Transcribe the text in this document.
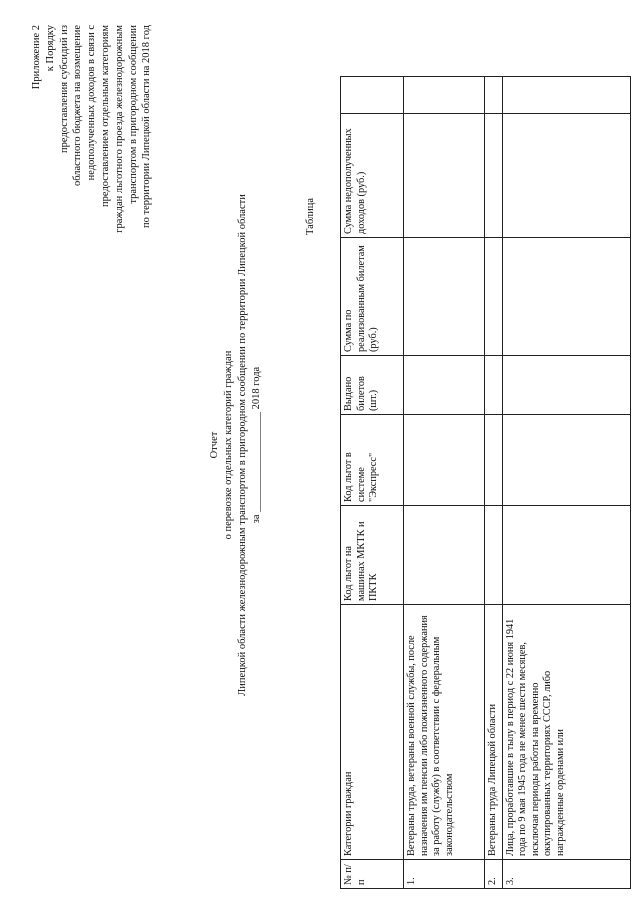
Приложение 2 к Порядку предоставления субсидий из областного бюджета на возмещение недополученных доходов в связи с предоставлением отдельным категориям граждан льготного проезда железнодорожным транспортом в пригородном сообщении по территории Липецкой области на 2018 год
Отчет о перевозке отдельных категорий граждан Липецкой области железнодорожным транспортом в пригородном сообщении по территории Липецкой области за ___________________ 2018 года
Таблица
№ п/п	Категории граждан	Код льгот на машинах МКТК и ПКТК	Код льгот в системе "Экспресс"	Выдано билетов (шт.)	Сумма по реализованным билетам (руб.)	Сумма недополученных доходов (руб.)	
1.	Ветераны труда, ветераны военной службы, после назначения им пенсии либо пожизненного содержания за работу (службу) в соответствии с федеральным законодательством						
2.	Ветераны труда Липецкой области						
3.	Лица, проработавшие в тылу в период с 22 июня 1941 года по 9 мая 1945 года не менее шести месяцев, исключая периоды работы на временно оккупированных территориях СССР, либо награжденные орденами или						
